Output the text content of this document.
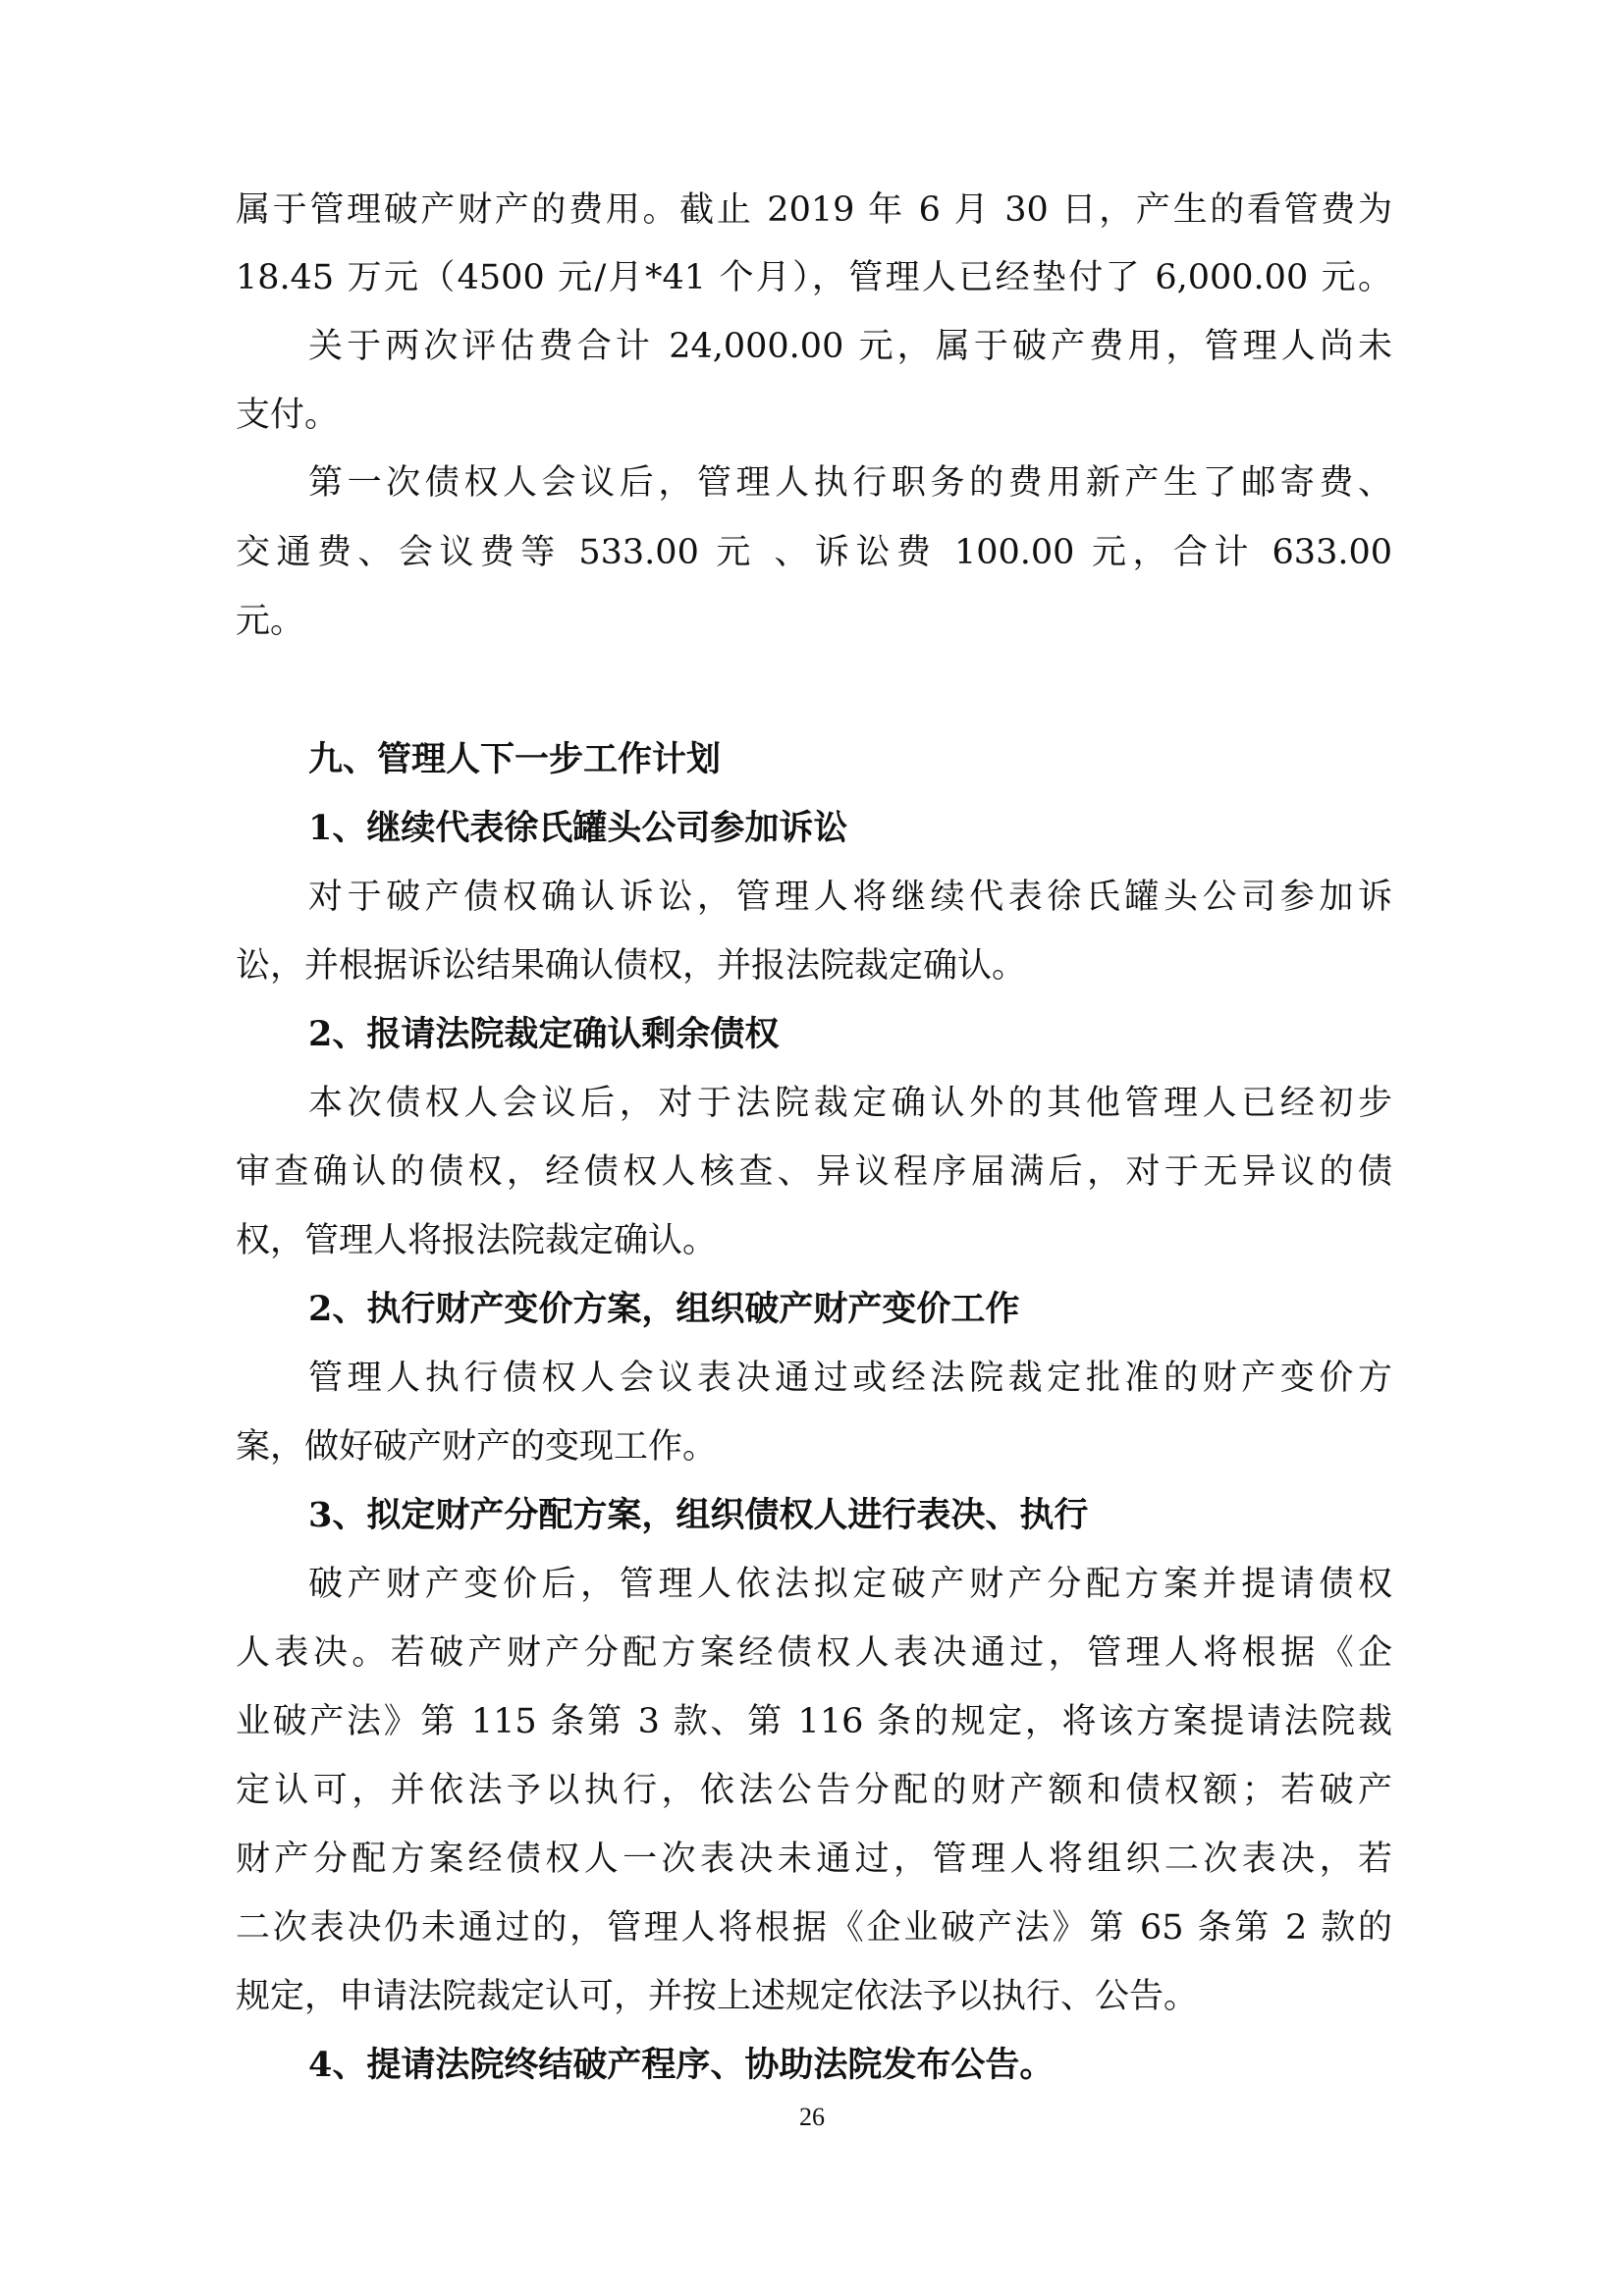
属于管理破产财产的费用。截止 2019 年 6 月 30 日，产生的看管费为
18.45 万元（4500 元/月*41 个月），管理人已经垫付了 6,000.00 元。
关于两次评估费合计 24,000.00 元，属于破产费用，管理人尚未
支付。
第一次债权人会议后，管理人执行职务的费用新产生了邮寄费、
交通费、会议费等 533.00 元 、诉讼费 100.00 元，合计 633.00
元。
九、管理人下一步工作计划
1、继续代表徐氏罐头公司参加诉讼
对于破产债权确认诉讼，管理人将继续代表徐氏罐头公司参加诉
讼，并根据诉讼结果确认债权，并报法院裁定确认。
2、报请法院裁定确认剩余债权
本次债权人会议后，对于法院裁定确认外的其他管理人已经初步
审查确认的债权，经债权人核查、异议程序届满后，对于无异议的债
权，管理人将报法院裁定确认。
2、执行财产变价方案，组织破产财产变价工作
管理人执行债权人会议表决通过或经法院裁定批准的财产变价方
案，做好破产财产的变现工作。
3、拟定财产分配方案，组织债权人进行表决、执行
破产财产变价后，管理人依法拟定破产财产分配方案并提请债权
人表决。若破产财产分配方案经债权人表决通过，管理人将根据《企
业破产法》第 115 条第 3 款、第 116 条的规定，将该方案提请法院裁
定认可，并依法予以执行，依法公告分配的财产额和债权额；若破产
财产分配方案经债权人一次表决未通过，管理人将组织二次表决，若
二次表决仍未通过的，管理人将根据《企业破产法》第 65 条第 2 款的
规定，申请法院裁定认可，并按上述规定依法予以执行、公告。
4、提请法院终结破产程序、协助法院发布公告。
26
